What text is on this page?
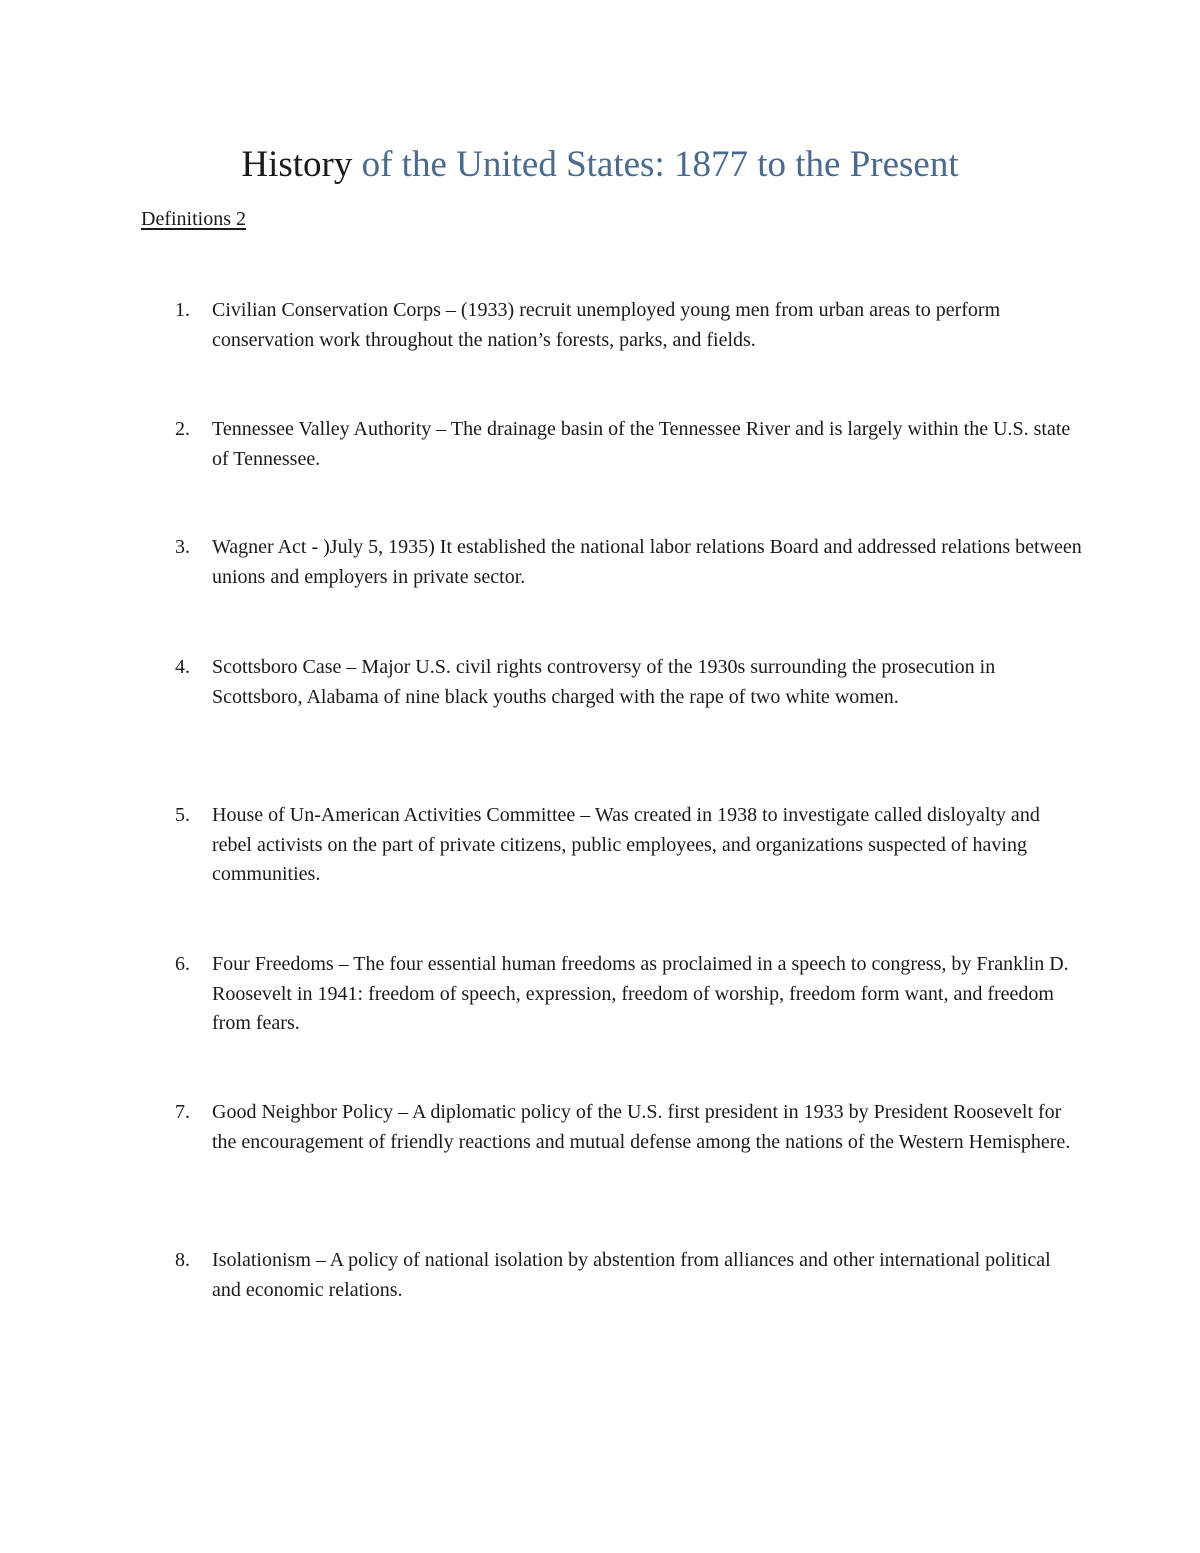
History of the United States: 1877 to the Present
Definitions 2
1. Civilian Conservation Corps – (1933) recruit unemployed young men from urban areas to perform conservation work throughout the nation’s forests, parks, and fields.
2. Tennessee Valley Authority – The drainage basin of the Tennessee River and is largely within the U.S. state of Tennessee.
3. Wagner Act - )July 5, 1935) It established the national labor relations Board and addressed relations between unions and employers in private sector.
4. Scottsboro Case – Major U.S. civil rights controversy of the 1930s surrounding the prosecution in Scottsboro, Alabama of nine black youths charged with the rape of two white women.
5. House of Un-American Activities Committee – Was created in 1938 to investigate called disloyalty and rebel activists on the part of private citizens, public employees, and organizations suspected of having communities.
6. Four Freedoms – The four essential human freedoms as proclaimed in a speech to congress, by Franklin D. Roosevelt in 1941: freedom of speech, expression, freedom of worship, freedom form want, and freedom from fears.
7. Good Neighbor Policy – A diplomatic policy of the U.S. first president in 1933 by President Roosevelt for the encouragement of friendly reactions and mutual defense among the nations of the Western Hemisphere.
8. Isolationism – A policy of national isolation by abstention from alliances and other international political and economic relations.
